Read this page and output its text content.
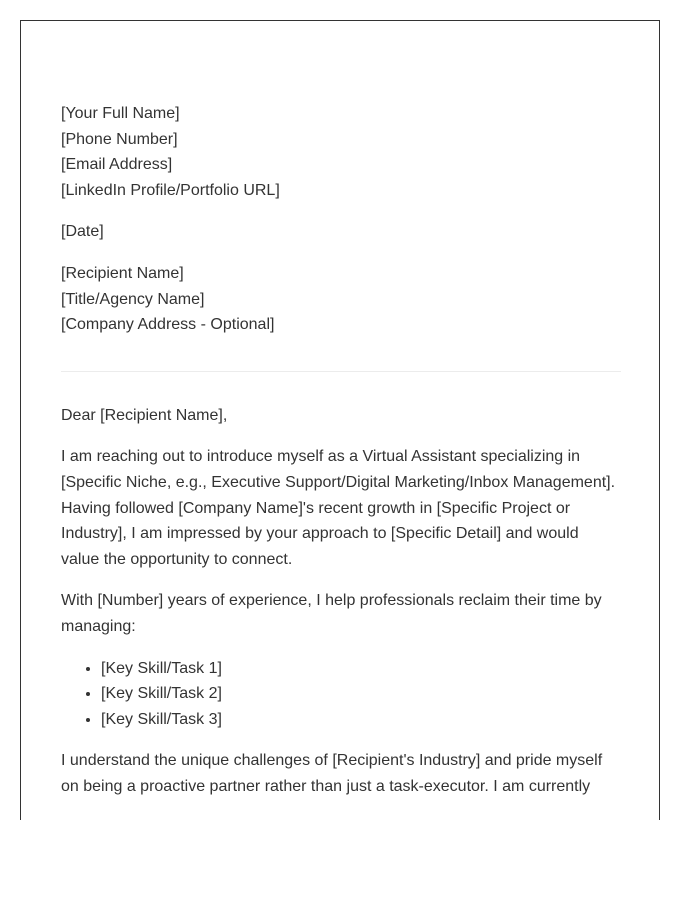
[Your Full Name]
[Phone Number]
[Email Address]
[LinkedIn Profile/Portfolio URL]
[Date]
[Recipient Name]
[Title/Agency Name]
[Company Address - Optional]

Dear [Recipient Name],

I am reaching out to introduce myself as a Virtual Assistant specializing in [Specific Niche, e.g., Executive Support/Digital Marketing/Inbox Management]. Having followed [Company Name]'s recent growth in [Specific Project or Industry], I am impressed by your approach to [Specific Detail] and would value the opportunity to connect.

With [Number] years of experience, I help professionals reclaim their time by managing:

• [Key Skill/Task 1]
• [Key Skill/Task 2]
• [Key Skill/Task 3]

I understand the unique challenges of [Recipient's Industry] and pride myself on being a proactive partner rather than just a task-executor. I am currently
